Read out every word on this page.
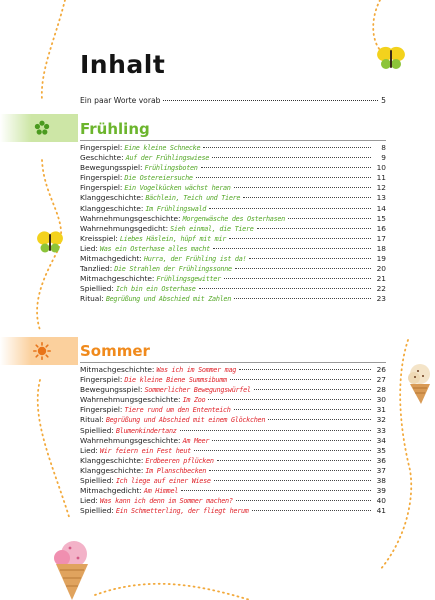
Inhalt
Ein paar Worte vorab	5
Frühling
Fingerspiel: Eine kleine Schnecke	8
Geschichte: Auf der Frühlingswiese	9
Bewegungsspiel: Frühlingsboten	10
Fingerspiel: Die Ostereiersuche	11
Fingerspiel: Ein Vogelkücken wächst heran	12
Klanggeschichte: Bächlein, Teich und Tiere	13
Klanggeschichte: Im Frühlingswald	14
Wahrnehmungsgeschichte: Morgenwäsche des Osterhasen	15
Wahrnehmungsgedicht: Sieh einmal, die Tiere	16
Kreisspiel: Liebes Häslein, hüpf mit mir	17
Lied: Was ein Osterhase alles macht	18
Mitmachgedicht: Hurra, der Frühling ist da!	19
Tanzlied: Die Strahlen der Frühlingssonne	20
Mitmachgeschichte: Frühlingsgewitter	21
Spiellied: Ich bin ein Osterhase	22
Ritual: Begrüßung und Abschied mit Zahlen	23
Sommer
Mitmachgeschichte: Was ich im Sommer mag	26
Fingerspiel: Die kleine Biene Summsibumm	27
Bewegungsspiel: Sommerlicher Bewegungswürfel	28
Wahrnehmungsgeschichte: Im Zoo	30
Fingerspiel: Tiere rund um den Ententeich	31
Ritual: Begrüßung und Abschied mit einem Glöckchen	32
Spiellied: Blumenkindertanz	33
Wahrnehmungsgeschichte: Am Meer	34
Lied: Wir feiern ein Fest heut	35
Klanggeschichte: Erdbeeren pflücken	36
Klanggeschichte: Im Planschbecken	37
Spiellied: Ich liege auf einer Wiese	38
Mitmachgedicht: Am Himmel	39
Lied: Was kann ich denn im Sommer machen?	40
Spiellied: Ein Schmetterling, der fliegt herum	41
